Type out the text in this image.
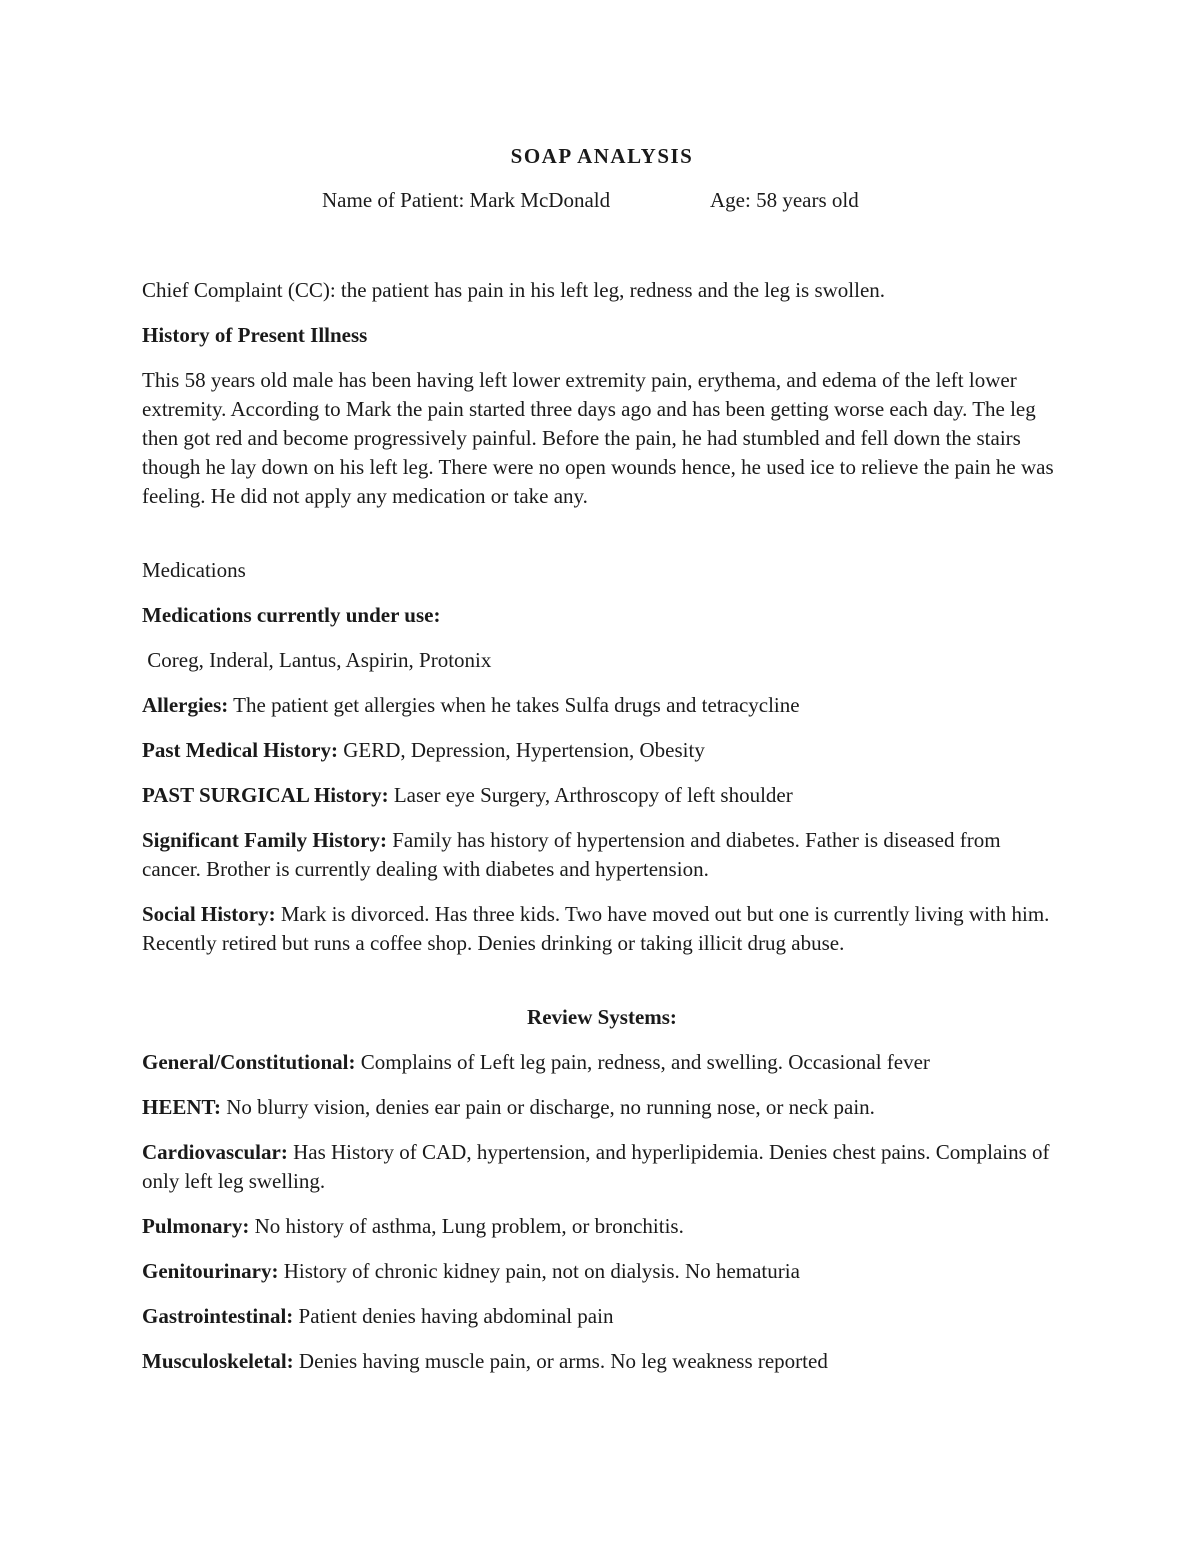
SOAP ANALYSIS
Name of Patient: Mark McDonald	Age: 58 years old
Chief Complaint (CC): the patient has pain in his left leg, redness and the leg is swollen.
History of Present Illness
This 58 years old male has been having left lower extremity pain, erythema, and edema of the left lower extremity. According to Mark the pain started three days ago and has been getting worse each day. The leg then got red and become progressively painful. Before the pain, he had stumbled and fell down the stairs though he lay down on his left leg. There were no open wounds hence, he used ice to relieve the pain he was feeling. He did not apply any medication or take any.
Medications
Medications currently under use:
Coreg, Inderal, Lantus, Aspirin, Protonix
Allergies: The patient get allergies when he takes Sulfa drugs and tetracycline
Past Medical History: GERD, Depression, Hypertension, Obesity
PAST SURGICAL History: Laser eye Surgery, Arthroscopy of left shoulder
Significant Family History: Family has history of hypertension and diabetes. Father is diseased from cancer. Brother is currently dealing with diabetes and hypertension.
Social History: Mark is divorced. Has three kids. Two have moved out but one is currently living with him. Recently retired but runs a coffee shop. Denies drinking or taking illicit drug abuse.
Review Systems:
General/Constitutional: Complains of Left leg pain, redness, and swelling. Occasional fever
HEENT: No blurry vision, denies ear pain or discharge, no running nose, or neck pain.
Cardiovascular: Has History of CAD, hypertension, and hyperlipidemia. Denies chest pains. Complains of only left leg swelling.
Pulmonary: No history of asthma, Lung problem, or bronchitis.
Genitourinary: History of chronic kidney pain, not on dialysis. No hematuria
Gastrointestinal: Patient denies having abdominal pain
Musculoskeletal: Denies having muscle pain, or arms. No leg weakness reported
